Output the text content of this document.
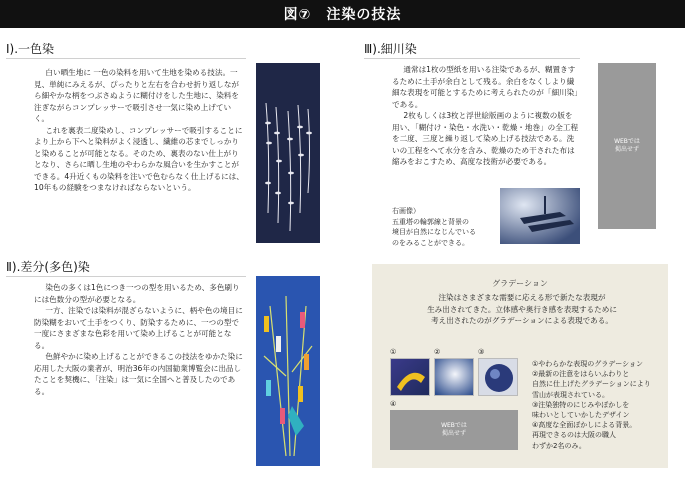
図⑦　注染の技法
Ⅰ).一色染

白い晒生地に 一色の染料を用いて生地を染める技法。一見、単純にみえるが、ぴったりと左右を合わせ折り返しながら細やかな柄をつぶさぬように糊付けをした生地に、染料を注ぎながらコンプレッサーで吸引させ一気に染め上げていく。

これを裏表二度染めし、コンプレッサーで吸引することにより上から下へと染料がよく浸透し、繊維の芯までしっかりと染めることが可能となる。そのため、裏表のない仕上がりとなり、さらに晒し生地のやわらかな風合いを生かすことができる。4升近くもの染料を注いで色むらなく仕上げるには、10年もの経験をつまなければならないという。

Ⅱ).差分(多色)染

染色の多くは1色につき一つの型を用いるため、多色刷りには色数分の型が必要となる。

一方、注染では染料が混ざらないように、柄や色の境目に防染糊をおいて土手をつくり、防染するために、一つの型で一度にさまざまな色彩を用いて染め上げることが可能となる。

色鮮やかに染め上げることができるこの技法をゆかた染に応用した大阪の業者が、明治36年の内国勧業博覧会に出品したことを契機に、「注染」は一気に全国へと普及したのである。

Ⅲ).細川染

通常は1枚の型紙を用いる注染であるが、糊置きするために土手が余白として残る。余白をなくしより繊細な表現を可能とするために考えられたのが「細川染」である。

2枚もしくは3枚と浮世絵版画のように複数の版を用い、「糊付け・染色・水洗い・乾燥・地巻」の全工程を二度、三度と繰り返して染め上げる技法である。洗いの工程をへて水分を含み、乾燥のため干された布は縮みをおこすため、高度な技術が必要である。

右画像）
五重塔の輪郭線と背景の
境目が自然になじんでいる
のをみることができる。
WEBでは
掲出せず
グラデーション
注染はさまざまな需要に応える形で新たな表現が
生み出されてきた。立体感や奥行き感を表現するために
考え出されたのがグラデーションによる表現である。
①	②	③
④
WEBでは
掲出せず
①やわらかな表現のグラデーション
②最新の注意をはらいふわりと
自然に仕上げたグラデーションにより
雪山が表現されている。
③注染独特のにじみやぼかしを
味わいとしていかしたデザイン
④高度な全面ぼかしによる背景。
再現できるのは大阪の職人
わずか2名のみ。
